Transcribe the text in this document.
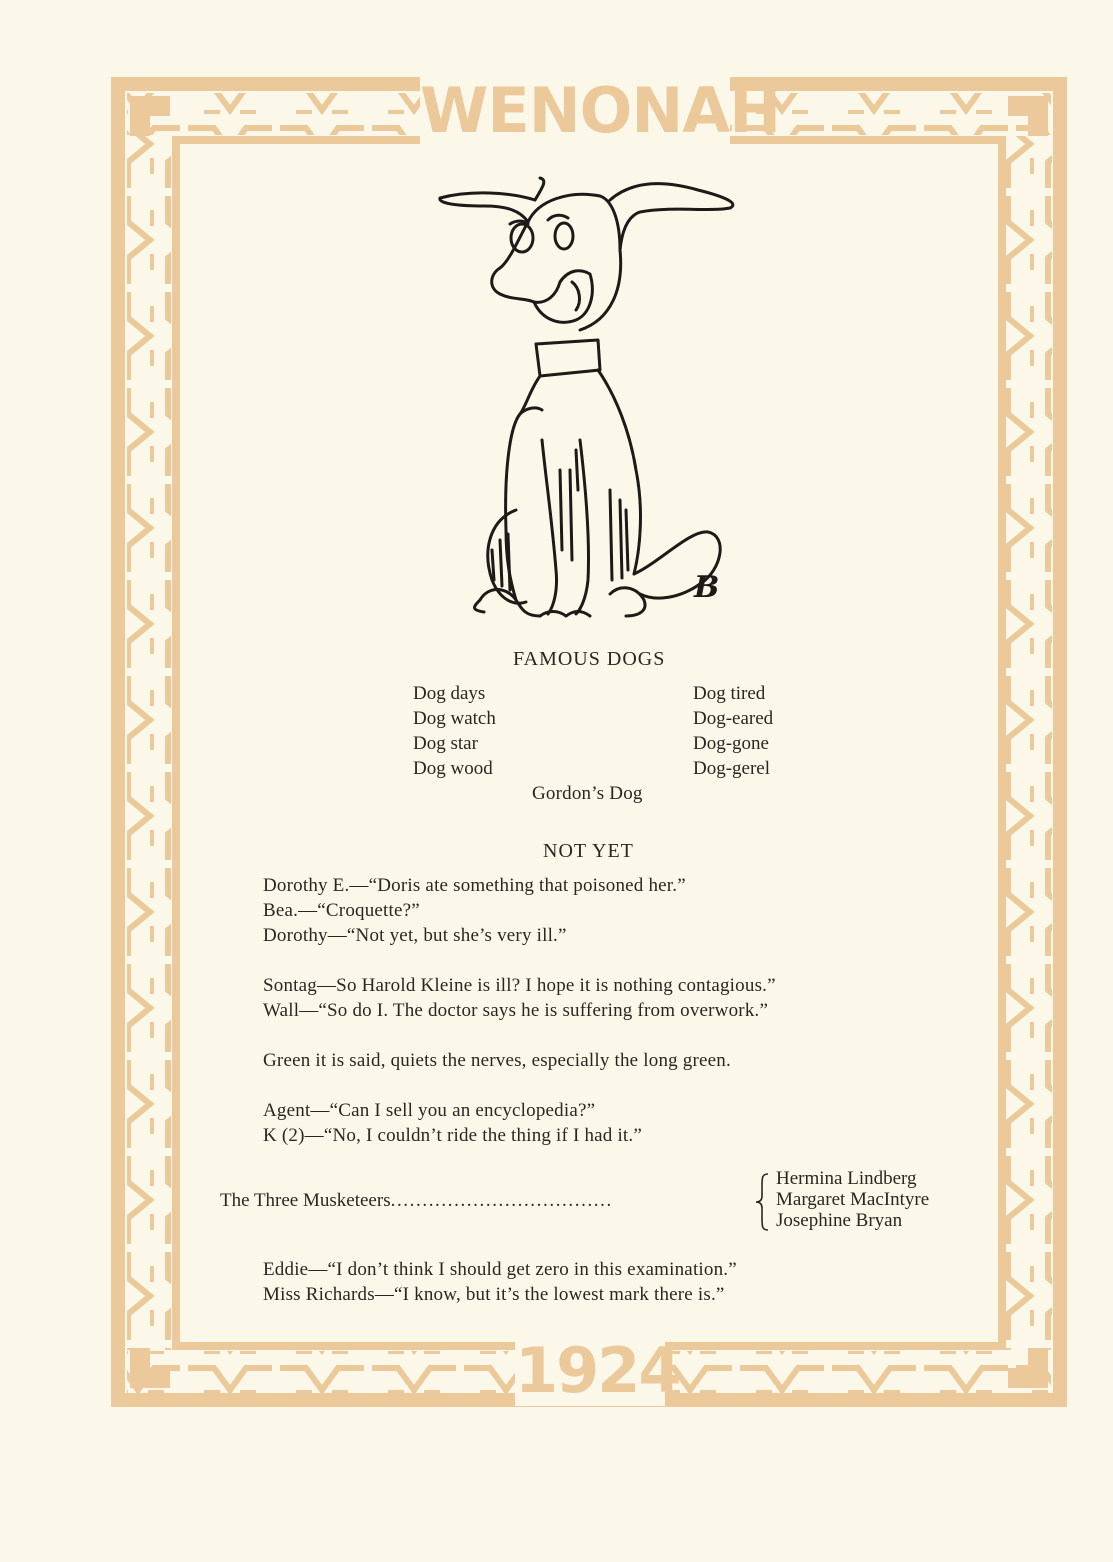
WENONAH
1924
B
FAMOUS DOGS
Dog days
Dog watch
Dog star
Dog wood
Dog tired
Dog-eared
Dog-gone
Dog-gerel
Gordon’s Dog
NOT YET
Dorothy E.—“Doris ate something that poisoned her.”
Bea.—“Croquette?”
Dorothy—“Not yet, but she’s very ill.”
Sontag—So Harold Kleine is ill? I hope it is nothing contagious.”
Wall—“So do I. The doctor says he is suffering from overwork.”
Green it is said, quiets the nerves, especially the long green.
Agent—“Can I sell you an encyclopedia?”
K (2)—“No, I couldn’t ride the thing if I had it.”
The Three Musketeers...................................
Hermina Lindberg
Margaret MacIntyre
Josephine Bryan
Eddie—“I don’t think I should get zero in this examination.”
Miss Richards—“I know, but it’s the lowest mark there is.”
